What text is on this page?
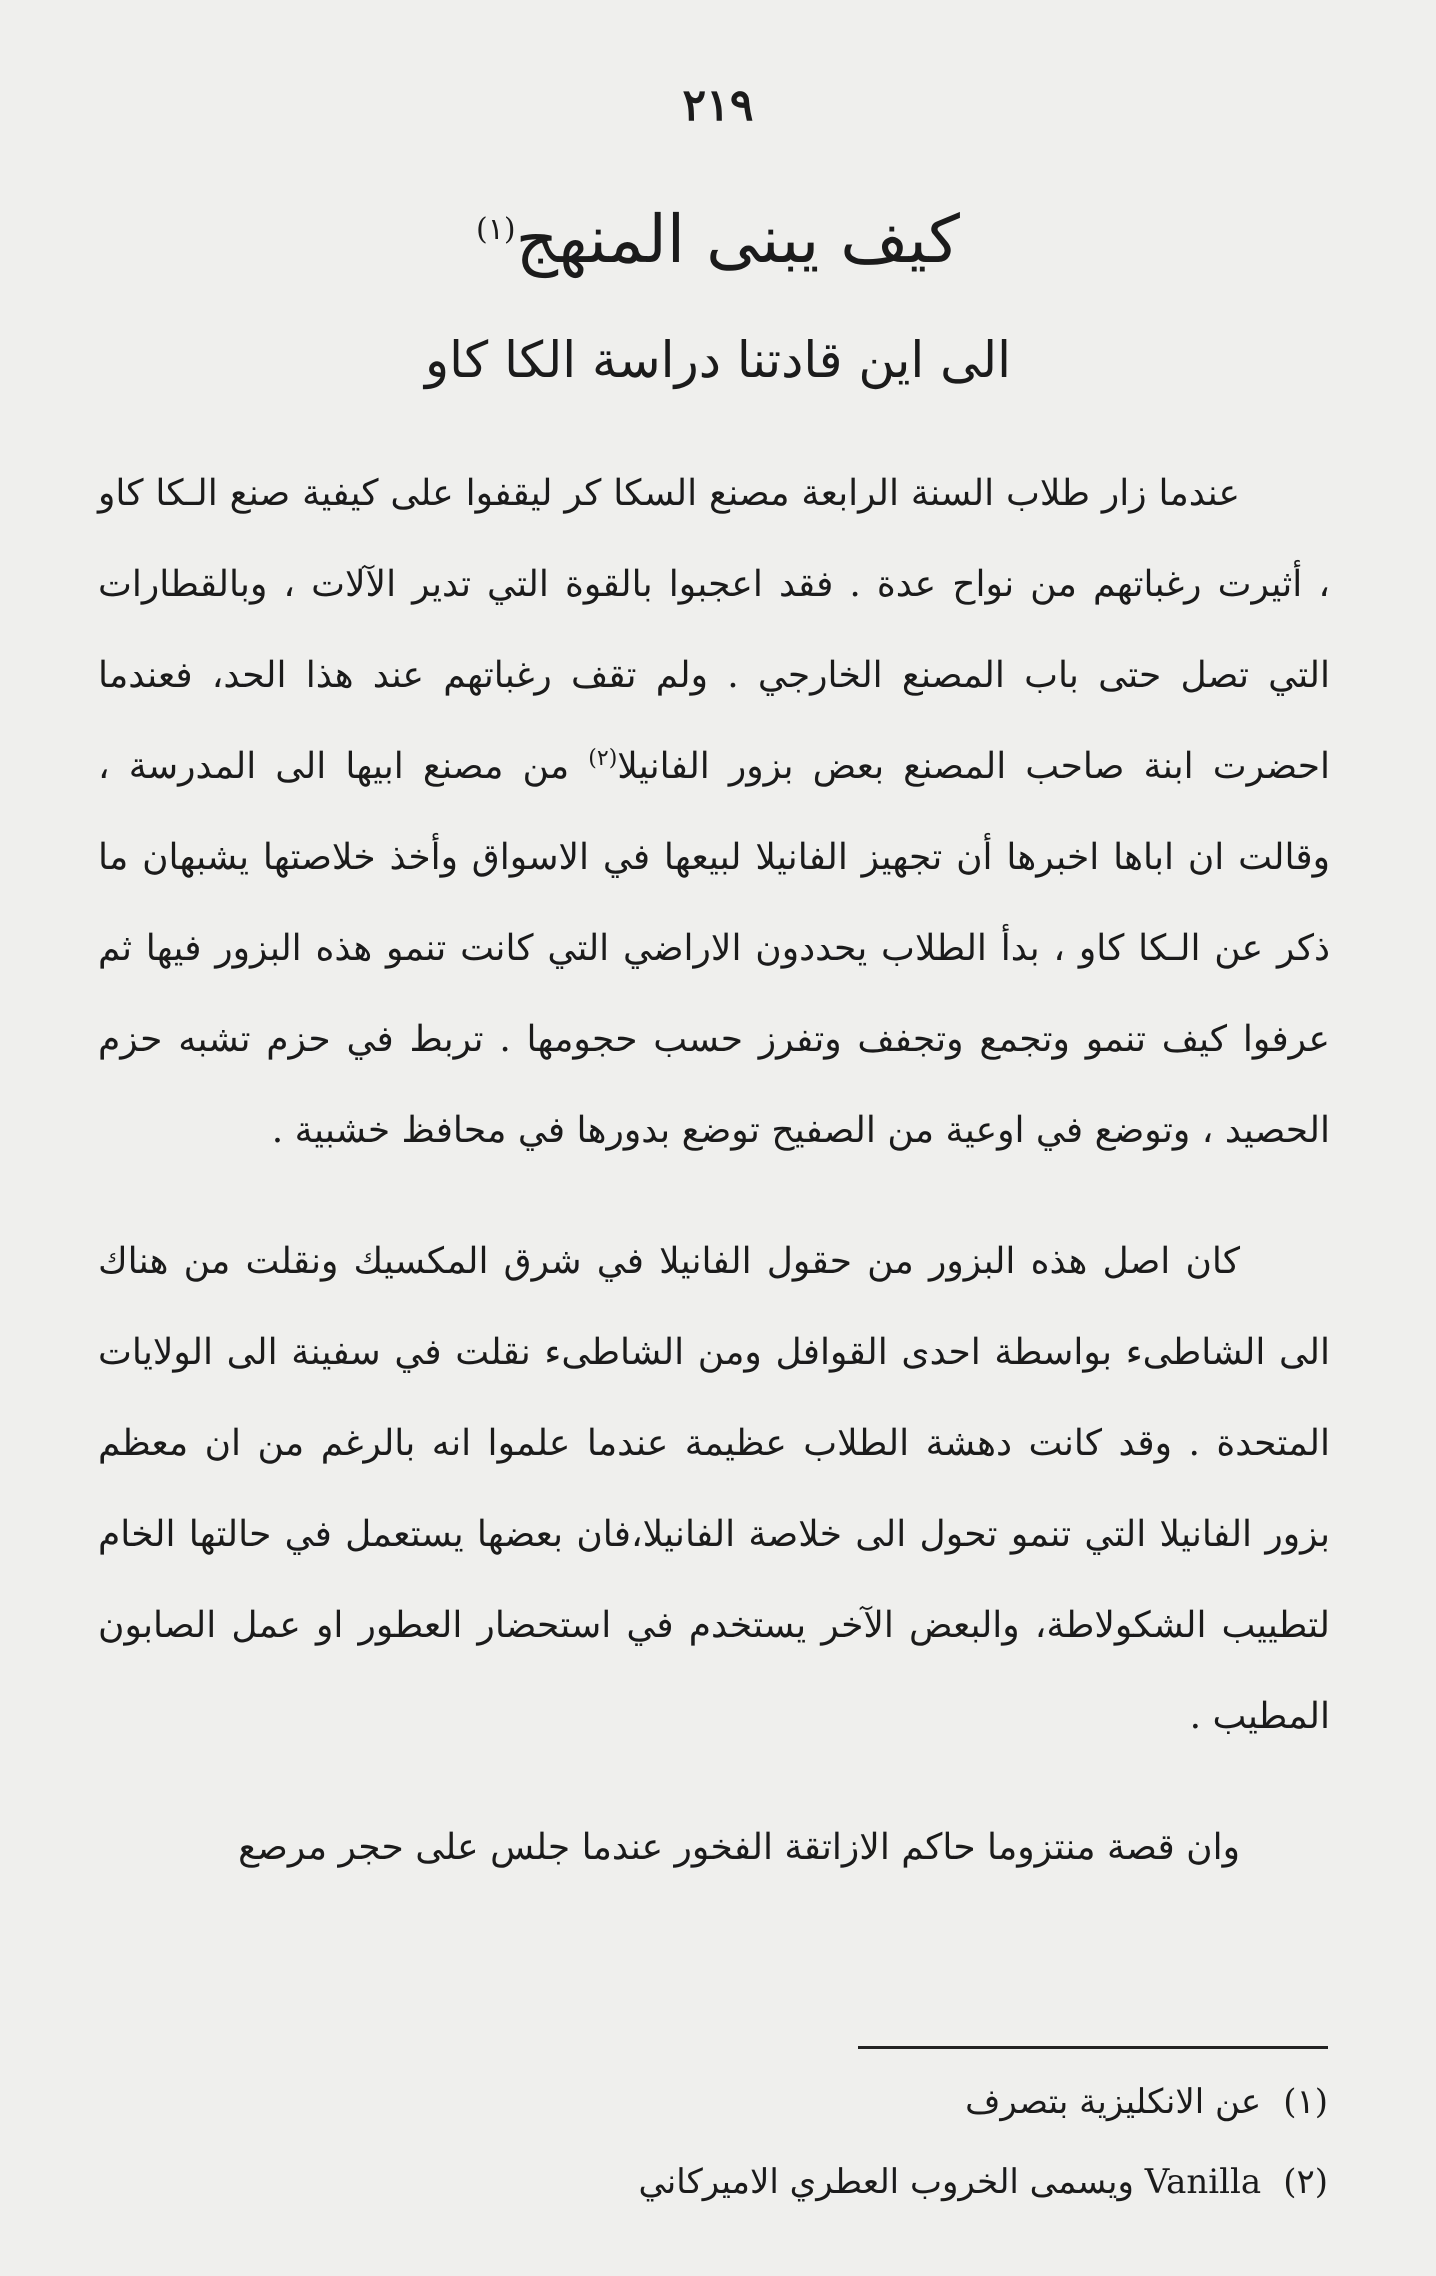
٢١٩
كيف يبنى المنهج$^{(١)}$
الى اين قادتنا دراسة الكا كاو

عندما زار طلاب السنة الرابعة مصنع السكا كر ليقفوا على كيفية صنع الـكا كاو ، أثيرت رغباتهم من نواح عدة . فقد اعجبوا بالقوة التي تدير الآلات ، وبالقطارات التي تصل حتى باب المصنع الخارجي . ولم تقف رغباتهم عند هذا الحد، فعندما احضرت ابنة صاحب المصنع بعض بزور الفانيلا$^{(٢)}$ من مصنع ابيها الى المدرسة ، وقالت ان اباها اخبرها أن تجهيز الفانيلا لبيعها في الاسواق وأخذ خلاصتها يشبهان ما ذكر عن الـكا كاو ، بدأ الطلاب يحددون الاراضي التي كانت تنمو هذه البزور فيها ثم عرفوا كيف تنمو وتجمع وتجفف وتفرز حسب حجومها . تربط في حزم تشبه حزم الحصيد ، وتوضع في اوعية من الصفيح توضع بدورها في محافظ خشبية .

كان اصل هذه البزور من حقول الفانيلا في شرق المكسيك ونقلت من هناك الى الشاطىء بواسطة احدى القوافل ومن الشاطىء نقلت في سفينة الى الولايات المتحدة . وقد كانت دهشة الطلاب عظيمة عندما علموا انه بالرغم من ان معظم بزور الفانيلا التي تنمو تحول الى خلاصة الفانيلا،فان بعضها يستعمل في حالتها الخام لتطييب الشكولاطة، والبعض الآخر يستخدم في استحضار العطور او عمل الصابون المطيب .

وان قصة منتزوما حاكم الازاتقة الفخور عندما جلس على حجر مرصع

(١)عن الانكليزية بتصرف
(٢)Vanilla ويسمى الخروب العطري الاميركاني
